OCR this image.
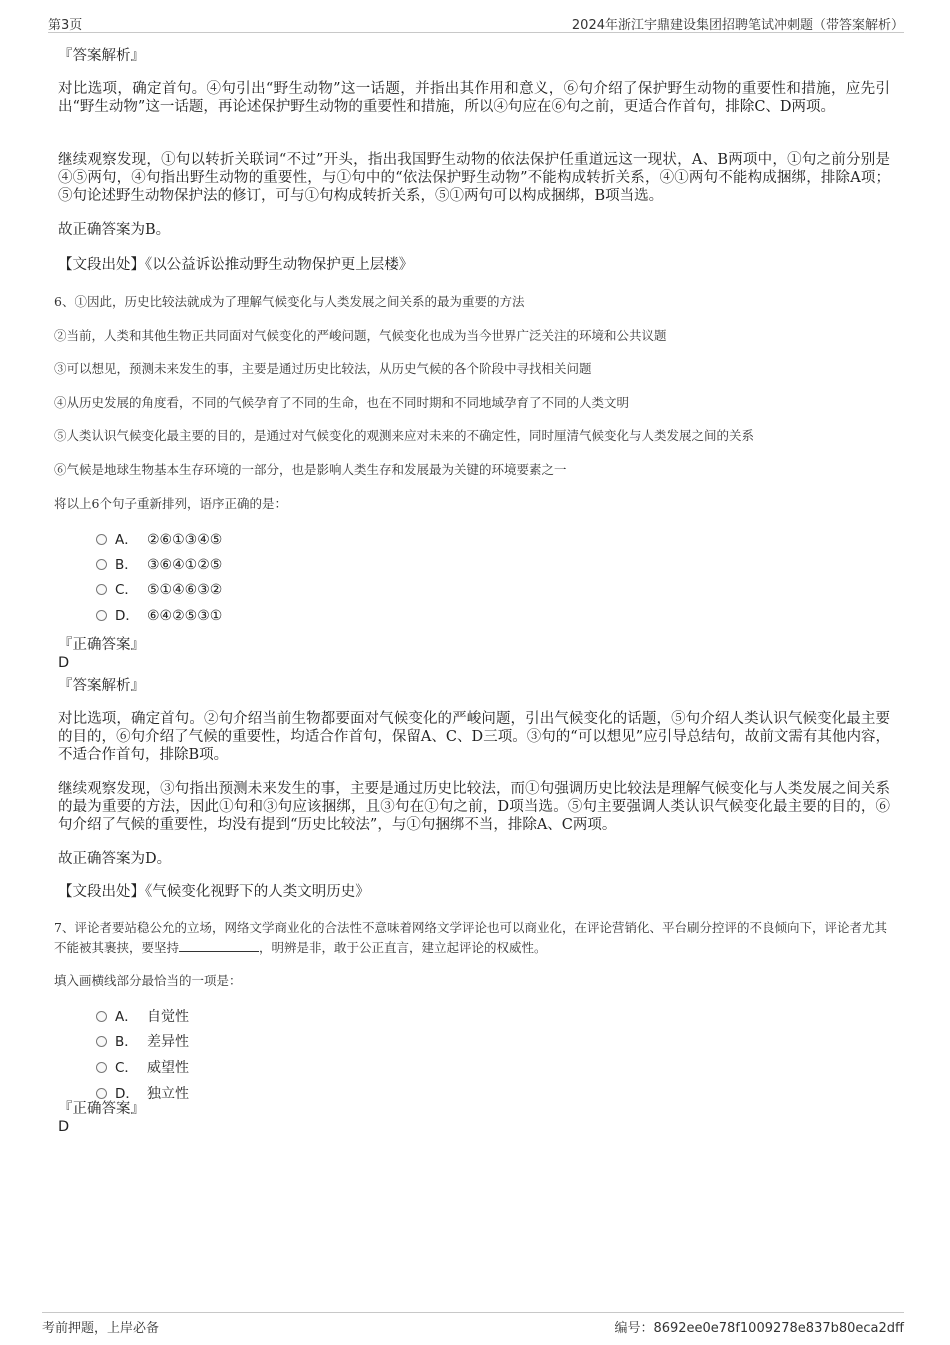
第3页	2024年浙江宇鼎建设集团招聘笔试冲刺题（带答案解析）
『答案解析』

对比选项，确定首句。④句引出“野生动物”这一话题，并指出其作用和意义，⑥句介绍了保护野生动物的重要性和措施，应先引出“野生动物”这一话题，再论述保护野生动物的重要性和措施，所以④句应在⑥句之前，更适合作首句，排除C、D两项。

继续观察发现，①句以转折关联词“不过”开头，指出我国野生动物的依法保护任重道远这一现状，A、B两项中，①句之前分别是④⑤两句，④句指出野生动物的重要性，与①句中的“依法保护野生动物”不能构成转折关系，④①两句不能构成捆绑，排除A项；⑤句论述野生动物保护法的修订，可与①句构成转折关系，⑤①两句可以构成捆绑，B项当选。

故正确答案为B。
【文段出处】《以公益诉讼推动野生动物保护更上层楼》
6、①因此，历史比较法就成为了理解气候变化与人类发展之间关系的最为重要的方法
②当前，人类和其他生物正共同面对气候变化的严峻问题，气候变化也成为当今世界广泛关注的环境和公共议题
③可以想见，预测未来发生的事，主要是通过历史比较法，从历史气候的各个阶段中寻找相关问题
④从历史发展的角度看，不同的气候孕育了不同的生命，也在不同时期和不同地域孕育了不同的人类文明
⑤人类认识气候变化最主要的目的，是通过对气候变化的观测来应对未来的不确定性，同时厘清气候变化与人类发展之间的关系
⑥气候是地球生物基本生存环境的一部分，也是影响人类生存和发展最为关键的环境要素之一
将以上6个句子重新排列，语序正确的是：
A． ②⑥①③④⑤
B． ③⑥④①②⑤
C． ⑤①④⑥③②
D． ⑥④②⑤③①
『正确答案』
D
『答案解析』

对比选项，确定首句。②句介绍当前生物都要面对气候变化的严峻问题，引出气候变化的话题，⑤句介绍人类认识气候变化最主要的目的，⑥句介绍了气候的重要性，均适合作首句，保留A、C、D三项。③句的“可以想见”应引导总结句，故前文需有其他内容，不适合作首句，排除B项。

继续观察发现，③句指出预测未来发生的事，主要是通过历史比较法，而①句强调历史比较法是理解气候变化与人类发展之间关系的最为重要的方法，因此①句和③句应该捆绑，且③句在①句之前，D项当选。⑤句主要强调人类认识气候变化最主要的目的，⑥句介绍了气候的重要性，均没有提到“历史比较法”，与①句捆绑不当，排除A、C两项。

故正确答案为D。
【文段出处】《气候变化视野下的人类文明历史》
7、评论者要站稳公允的立场，网络文学商业化的合法性不意味着网络文学评论也可以商业化，在评论营销化、平台刷分控评的不良倾向下，评论者尤其不能被其裹挟，要坚持	，明辨是非，敢于公正直言，建立起评论的权威性。
填入画横线部分最恰当的一项是：
A． 自觉性
B． 差异性
C． 威望性
D． 独立性
『正确答案』
D
考前押题，上岸必备	编号：8692ee0e78f1009278e837b80eca2dff
